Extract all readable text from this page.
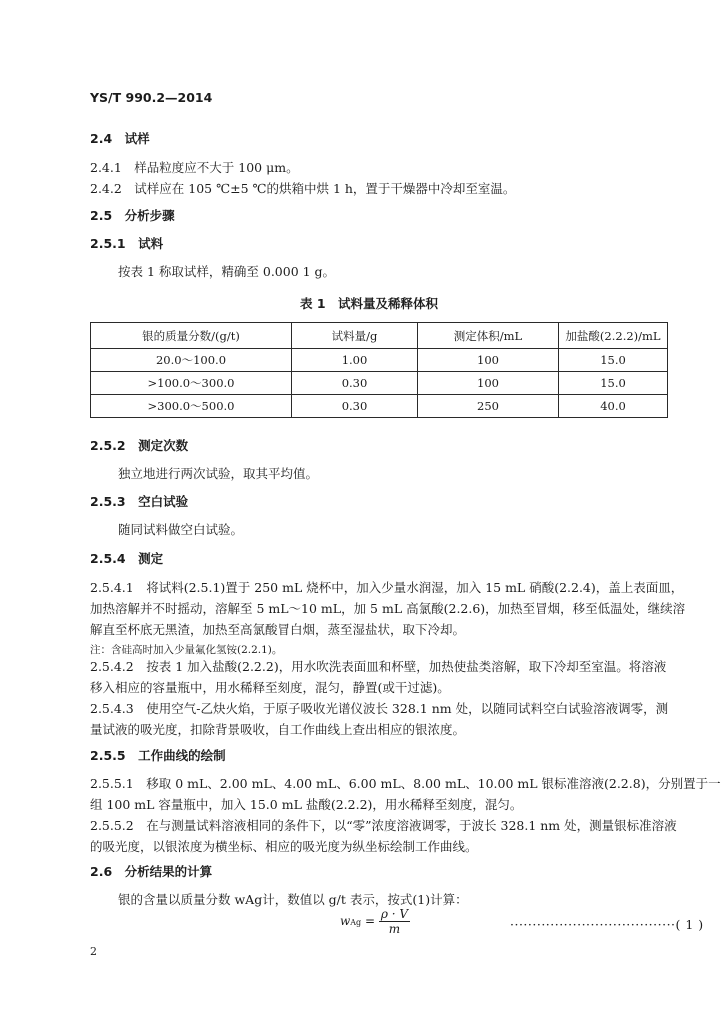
YS/T 990.2—2014
2.4　试样
2.4.1　样品粒度应不大于 100 μm。
2.4.2　试样应在 105 ℃±5 ℃的烘箱中烘 1 h，置于干燥器中冷却至室温。
2.5　分析步骤
2.5.1　试料
按表 1 称取试样，精确至 0.000 1 g。
2.5.2　测定次数
独立地进行两次试验，取其平均值。
2.5.3　空白试验
随同试料做空白试验。
2.5.4　测定
2.5.4.1　将试料(2.5.1)置于 250 mL 烧杯中，加入少量水润湿，加入 15 mL 硝酸(2.2.4)，盖上表面皿，
加热溶解并不时摇动，溶解至 5 mL～10 mL，加 5 mL 高氯酸(2.2.6)，加热至冒烟，移至低温处，继续溶
解直至杯底无黑渣，加热至高氯酸冒白烟，蒸至湿盐状，取下冷却。
注：含硅高时加入少量氟化氢铵(2.2.1)。
2.5.4.2　按表 1 加入盐酸(2.2.2)，用水吹洗表面皿和杯壁，加热使盐类溶解，取下冷却至室温。将溶液
移入相应的容量瓶中，用水稀释至刻度，混匀，静置(或干过滤)。
2.5.4.3　使用空气-乙炔火焰，于原子吸收光谱仪波长 328.1 nm 处，以随同试料空白试验溶液调零，测
量试液的吸光度，扣除背景吸收，自工作曲线上查出相应的银浓度。
2.5.5　工作曲线的绘制
2.5.5.1　移取 0 mL、2.00 mL、4.00 mL、6.00 mL、8.00 mL、10.00 mL 银标准溶液(2.2.8)，分别置于一
组 100 mL 容量瓶中，加入 15.0 mL 盐酸(2.2.2)，用水稀释至刻度，混匀。
2.5.5.2　在与测量试料溶液相同的条件下，以“零”浓度溶液调零，于波长 328.1 nm 处，测量银标准溶液
的吸光度，以银浓度为横坐标、相应的吸光度为纵坐标绘制工作曲线。
2.6　分析结果的计算
银的含量以质量分数 wAg计，数值以 g/t 表示，按式(1)计算：
表 1　试料量及稀释体积
银的质量分数/(g/t)	试料量/g	测定体积/mL	加盐酸(2.2.2)/mL
20.0～100.0	1.00	100	15.0
>100.0～300.0	0.30	100	15.0
>300.0～500.0	0.30	250	40.0
wAg = $\frac{\rho \cdot V}{m}$	·····································( 1 )
2
